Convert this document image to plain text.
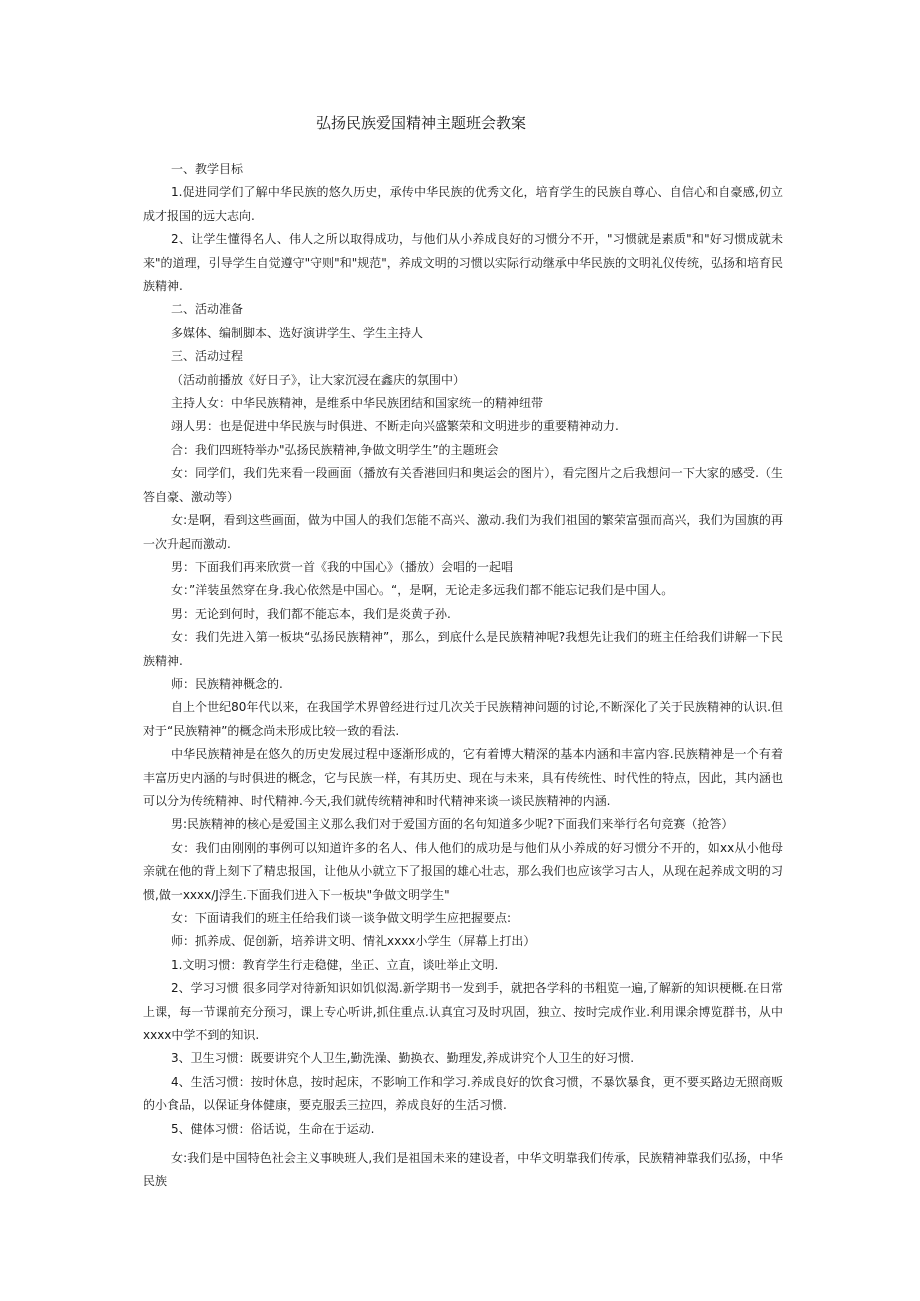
弘扬民族爱国精神主题班会教案

一、教学目标

1.促进同学们了解中华民族的悠久历史，承传中华民族的优秀文化，培育学生的民族自尊心、自信心和自豪感,仞立成才报国的远大志向.

2、让学生懂得名人、伟人之所以取得成功，与他们从小养成良好的习惯分不开，"习惯就是素质"和"好习惯成就未来"的道理，引导学生自觉遵守"守则"和"规范"，养成文明的习惯以实际行动继承中华民族的文明礼仪传统，弘扬和培育民族精神.

二、活动准备

多媒体、编制脚本、选好演讲学生、学生主持人

三、活动过程

（活动前播放《好日子》，让大家沉浸在鑫庆的氛围中）

主持人女：中华民族精神，是维系中华民族团结和国家统一的精神纽带

翊人男：也是促进中华民族与时俱进、不断走向兴盛繁荣和文明进步的重要精神动力.

合：我们四班特举办"弘扬民族精神,争做文明学生”的主题班会

女：同学们，我们先来看一段画面（播放有关香港回归和奥运会的图片），看完图片之后我想问一下大家的感受.（生答自豪、激动等）

女:是啊，看到这些画面，做为中国人的我们怎能不高兴、激动.我们为我们祖国的繁荣富强而高兴，我们为国旗的再一次升起而激动.

男：下面我们再来欣赏一首《我的中国心》（播放）会唱的一起唱

女：”洋装虽然穿在身.我心依然是中国心。“，是啊，无论走多远我们都不能忘记我们是中国人。

男：无论到何时，我们都不能忘本，我们是炎黄子孙.

女：我们先进入第一板块“弘扬民族精神”，那么，到底什么是民族精神呢?我想先让我们的班主任给我们讲解一下民族精神.

师：民族精神概念的.

自上个世纪80年代以来，在我国学术界曾经进行过几次关于民族精神问题的讨论,不断深化了关于民族精神的认识.但对于“民族精神”的概念尚未形成比较一致的看法.

中华民族精神是在悠久的历史发展过程中逐渐形成的，它有着博大精深的基本内涵和丰富内容.民族精神是一个有着丰富历史内涵的与时俱进的概念，它与民族一样，有其历史、现在与未来，具有传统性、时代性的特点，因此，其内涵也可以分为传统精神、时代精神.今天,我们就传统精神和时代精神来谈一谈民族精神的内涵.

男:民族精神的核心是爱国主义那么我们对于爱国方面的名句知道多少呢?下面我们来举行名句竞赛（抢答）

女：我们由刚刚的事例可以知道许多的名人、伟人他们的成功是与他们从小养成的好习惯分不开的，如xx从小他母亲就在他的背上刻下了精忠报国，让他从小就立下了报国的雄心壮志，那么我们也应该学习古人，从现在起养成文明的习惯,做一xxxx/J浮生.下面我们进入下一板块"争做文明学生"

女：下面请我们的班主任给我们谈一谈争做文明学生应把握要点:

师：抓养成、促创新，培养讲文明、情礼xxxx小学生（屏幕上打出）

1.文明习惯：教育学生行走稳健，坐正、立直，谈吐举止文明.

2、学习习惯 很多同学对待新知识如饥似渴.新学期书一发到手，就把各学科的书粗览一遍,了解新的知识梗概.在日常上课，每一节课前充分预习，课上专心听讲,抓住重点.认真宜习及时巩固，独立、按时完成作业.利用课余博览群书，从中xxxx中学不到的知识.

3、卫生习惯：既要讲究个人卫生,勤洗澡、勤换衣、勤理发,养成讲究个人卫生的好习惯.

4、生活习惯：按时休息，按时起床，不影响工作和学习.养成良好的饮食习惯，不暴饮暴食，更不要买路边无照商贩的小食品，以保证身体健康，要克服丢三拉四，养成良好的生活习惯.

5、健体习惯：俗话说，生命在于运动.

女:我们是中国特色社会主义事映班人,我们是祖国未来的建设者，中华文明靠我们传承，民族精神靠我们弘扬，中华民族
